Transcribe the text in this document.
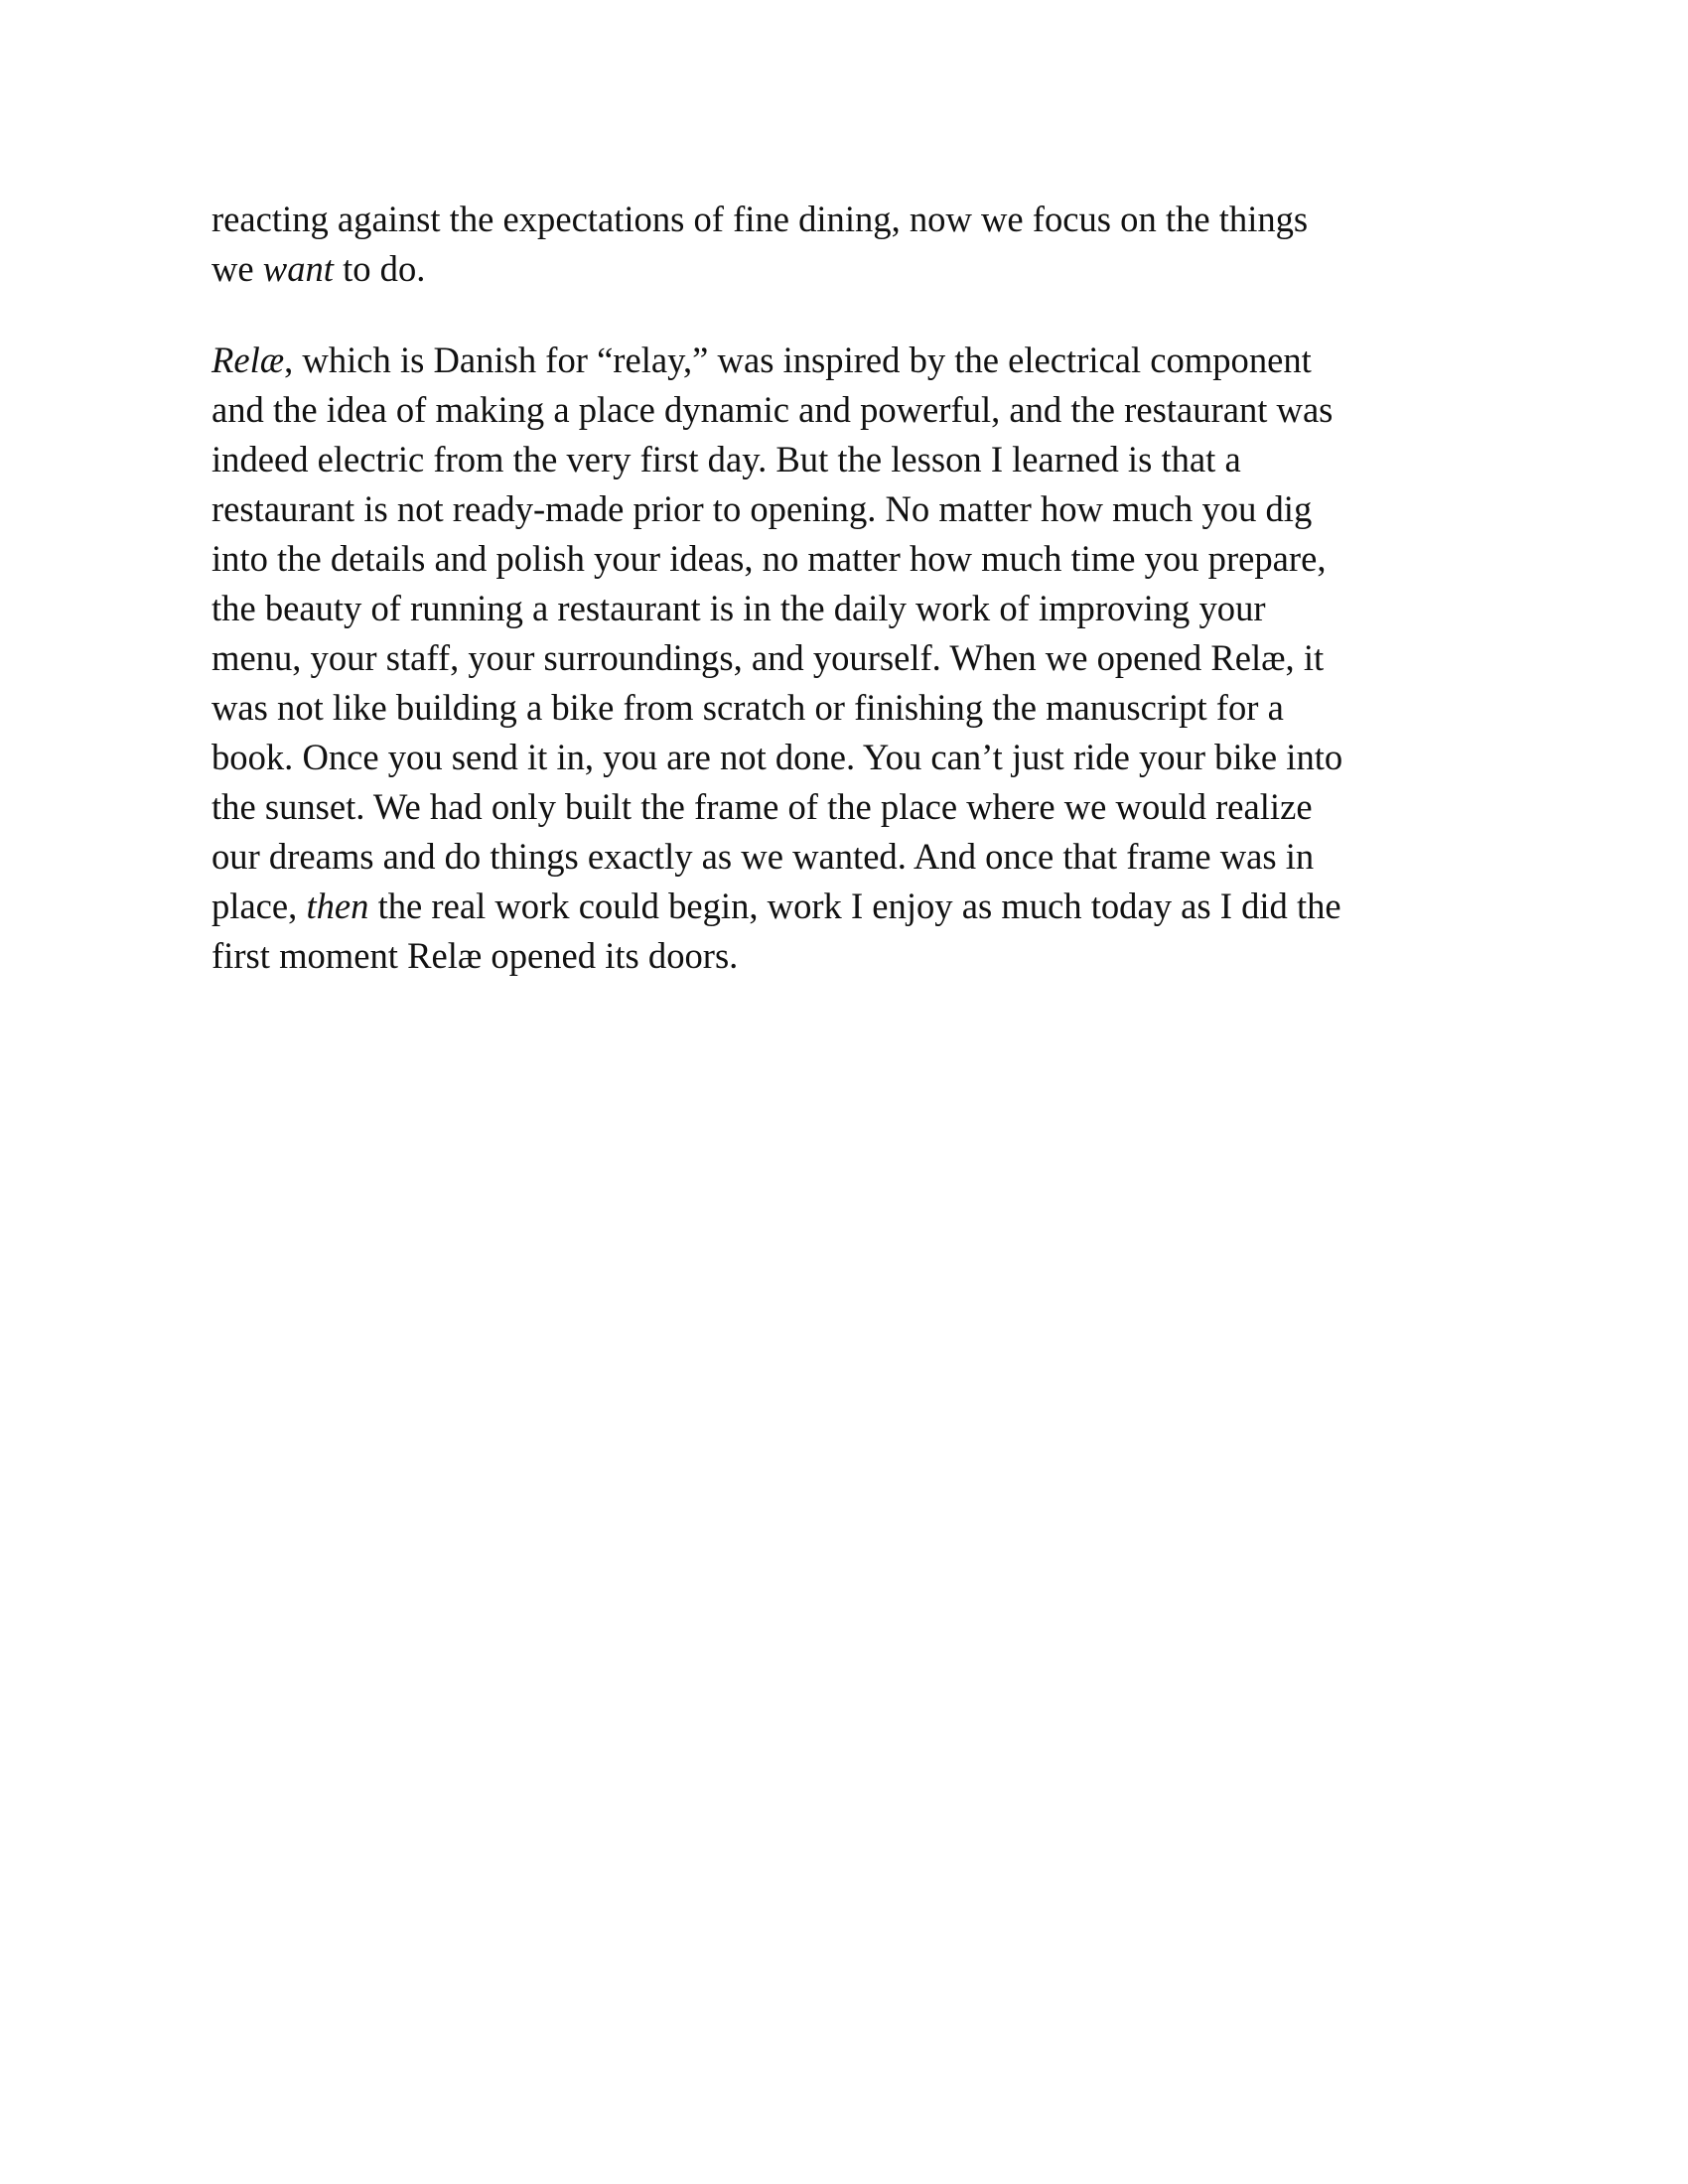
reacting against the expectations of fine dining, now we focus on the things
we want to do.
Relæ, which is Danish for “relay,” was inspired by the electrical component
and the idea of making a place dynamic and powerful, and the restaurant was
indeed electric from the very first day. But the lesson I learned is that a
restaurant is not ready-made prior to opening. No matter how much you dig
into the details and polish your ideas, no matter how much time you prepare,
the beauty of running a restaurant is in the daily work of improving your
menu, your staff, your surroundings, and yourself. When we opened Relæ, it
was not like building a bike from scratch or finishing the manuscript for a
book. Once you send it in, you are not done. You can’t just ride your bike into
the sunset. We had only built the frame of the place where we would realize
our dreams and do things exactly as we wanted. And once that frame was in
place, then the real work could begin, work I enjoy as much today as I did the
first moment Relæ opened its doors.
